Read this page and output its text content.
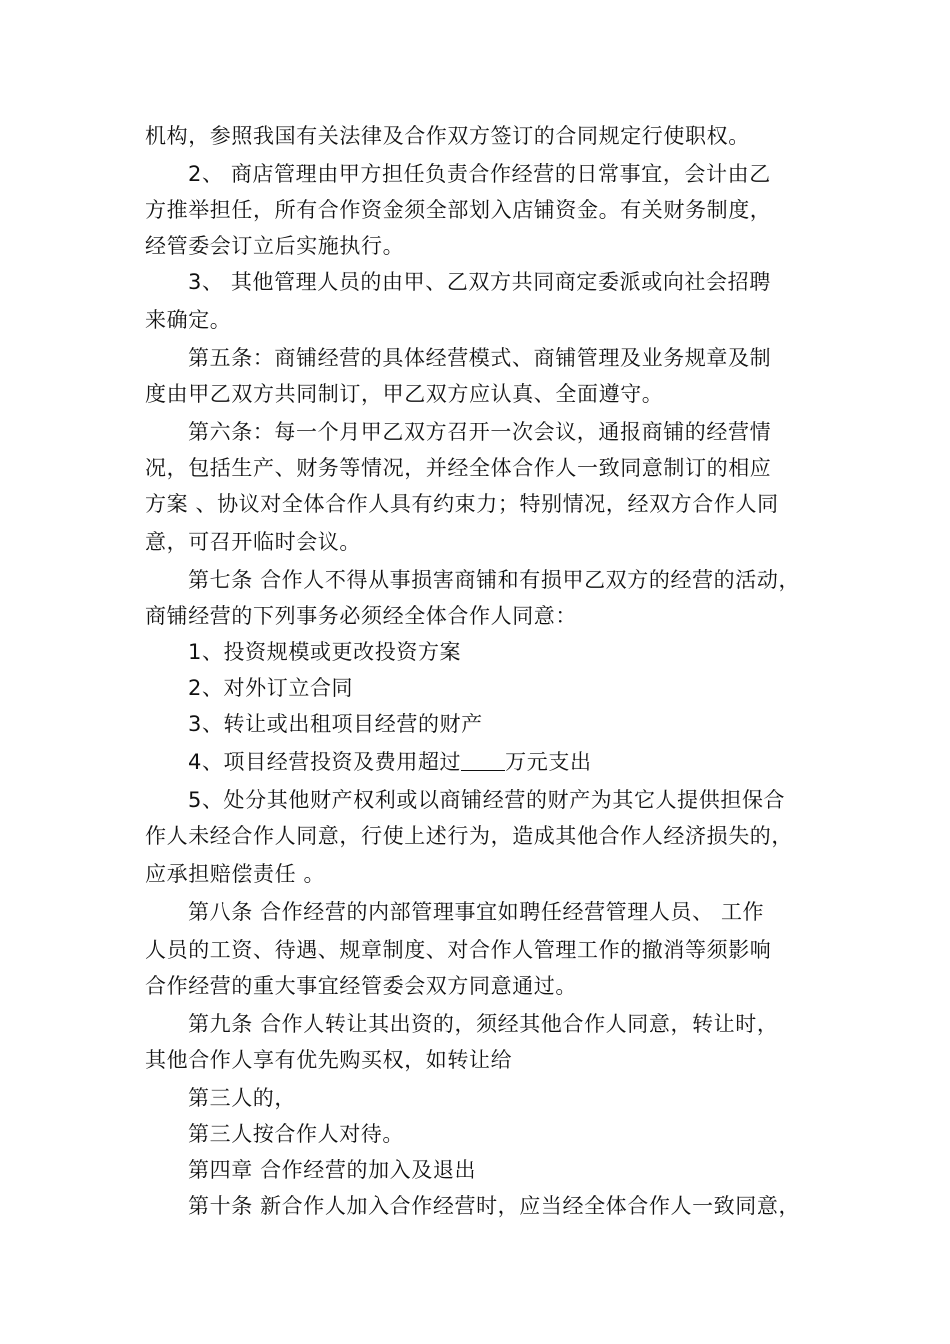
机构，参照我国有关法律及合作双方签订的合同规定行使职权。
2、 商店管理由甲方担任负责合作经营的日常事宜，会计由乙
方推举担任，所有合作资金须全部划入店铺资金。有关财务制度，
经管委会订立后实施执行。
3、 其他管理人员的由甲、乙双方共同商定委派或向社会招聘
来确定。
第五条：商铺经营的具体经营模式、商铺管理及业务规章及制
度由甲乙双方共同制订，甲乙双方应认真、全面遵守。
第六条：每一个月甲乙双方召开一次会议，通报商铺的经营情
况，包括生产、财务等情况，并经全体合作人一致同意制订的相应
方案 、协议对全体合作人具有约束力；特别情况，经双方合作人同
意，可召开临时会议。
第七条 合作人不得从事损害商铺和有损甲乙双方的经营的活动，
商铺经营的下列事务必须经全体合作人同意：
1、投资规模或更改投资方案
2、对外订立合同
3、转让或出租项目经营的财产
4、项目经营投资及费用超过 万元支出
5、处分其他财产权利或以商铺经营的财产为其它人提供担保合
作人未经合作人同意，行使上述行为，造成其他合作人经济损失的，
应承担赔偿责任 。
第八条 合作经营的内部管理事宜如聘任经营管理人员、 工作
人员的工资、待遇、规章制度、对合作人管理工作的撤消等须影响
合作经营的重大事宜经管委会双方同意通过。
第九条 合作人转让其出资的，须经其他合作人同意，转让时，
其他合作人享有优先购买权，如转让给
第三人的，
第三人按合作人对待。
第四章 合作经营的加入及退出
第十条 新合作人加入合作经营时，应当经全体合作人一致同意，
